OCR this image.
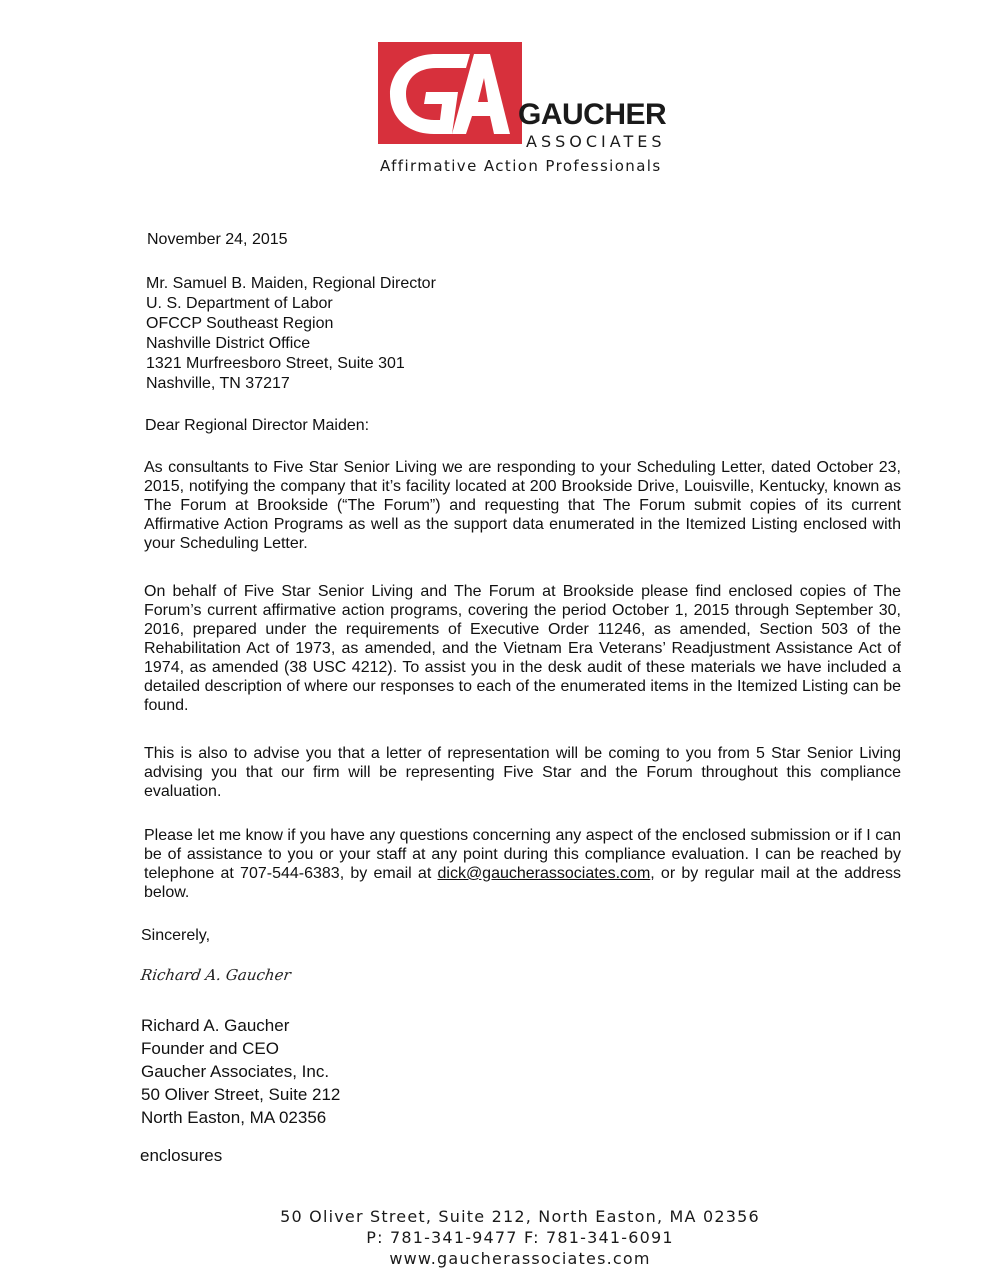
GAUCHER
ASSOCIATES
Affirmative Action Professionals
November 24, 2015
Mr. Samuel B. Maiden, Regional Director
U. S. Department of Labor
OFCCP Southeast Region
Nashville District Office
1321 Murfreesboro Street, Suite 301
Nashville, TN 37217
Dear Regional Director Maiden:
As consultants to Five Star Senior Living we are responding to your Scheduling Letter, dated October 23, 2015, notifying the company that it’s facility located at 200 Brookside Drive, Louisville, Kentucky, known as The Forum at Brookside (“The Forum”) and requesting that The Forum submit copies of its current Affirmative Action Programs as well as the support data enumerated in the Itemized Listing enclosed with your Scheduling Letter.
On behalf of Five Star Senior Living and The Forum at Brookside please find enclosed copies of The Forum’s current affirmative action programs, covering the period October 1, 2015 through September 30, 2016, prepared under the requirements of Executive Order 11246, as amended, Section 503 of the Rehabilitation Act of 1973, as amended, and the Vietnam Era Veterans’ Readjustment Assistance Act of 1974, as amended (38 USC 4212). To assist you in the desk audit of these materials we have included a detailed description of where our responses to each of the enumerated items in the Itemized Listing can be found.
This is also to advise you that a letter of representation will be coming to you from 5 Star Senior Living advising you that our firm will be representing Five Star and the Forum throughout this compliance evaluation.
Please let me know if you have any questions concerning any aspect of the enclosed submission or if I can be of assistance to you or your staff at any point during this compliance evaluation. I can be reached by telephone at 707-544-6383, by email at dick@gaucherassociates.com, or by regular mail at the address below.
Sincerely,
Richard A. Gaucher
Richard A. Gaucher
Founder and CEO
Gaucher Associates, Inc.
50 Oliver Street, Suite 212
North Easton, MA 02356
enclosures
50 Oliver Street, Suite 212, North Easton, MA 02356
P: 781-341-9477 F: 781-341-6091
www.gaucherassociates.com
